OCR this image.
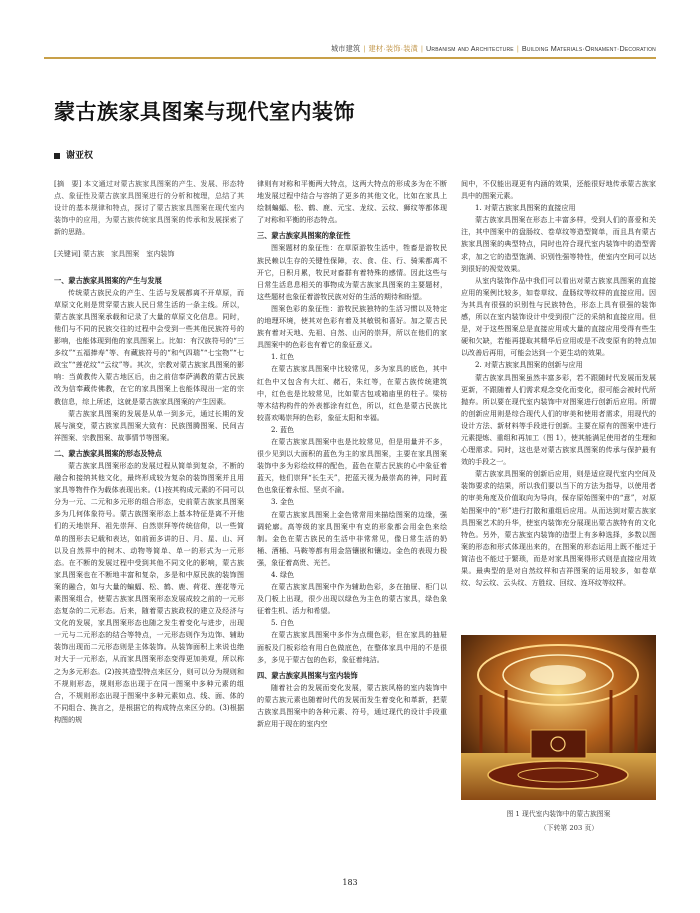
城市建筑 | 建材·装饰·装潢 | Urbanism and Architecture | Building Materials·Ornament·Decoration
蒙古族家具图案与现代室内装饰
谢亚权
[摘　要] 本文通过对蒙古族家具图案的产生、发展、形态特点、象征性及蒙古族家具图案进行的分析和梳理，总结了其设计的基本规律和特点，探讨了蒙古族家具图案在现代室内装饰中的应用，为蒙古族传统家具图案的传承和发展探索了新的思路。
[关键词] 蒙古族　家具图案　室内装饰
一、蒙古族家具图案的产生与发展

传统蒙古族民众的产生、生活与发展都离不开草原，而草原文化则是贯穿蒙古族人民日常生活的一条主线。所以，蒙古族家具图案承载和记录了大量的草原文化信息。同时，他们与不同的民族交往的过程中会受到一些其他民族符号的影响，也能体现到他的家具图案上。比如：有汉族符号的“三多纹”“五福捧寿”等、有藏族符号的“和气四瑞”“七宝物”“七政宝”“莲花纹”“云纹”等。其次，宗教对蒙古族家具图案的影响：当黄教传入蒙古地区后，由之前信奉萨满教的蒙古民族改为信奉藏传佛教，在它的家具图案上也能体现出一定的宗教信息，综上所述，这就是蒙古族家具图案的产生因素。

蒙古族家具图案的发展是从单一到多元，通过长期的发展与演变，蒙古族家具图案大致有：民族图腾图案、民间吉祥图案、宗教图案、故事情节等图案。

二、蒙古族家具图案的形态及特点

蒙古族家具图案形态的发展过程从简单到复杂，不断的融合和接纳其他文化，最终形成较为复杂的装饰图案并且用家具等物件作为载体表现出来。(1)按其构成元素的不同可以分为一元、二元和多元形的组合形态，史前蒙古族家具图案多为几何体象符号。蒙古族图案形态上基本特征是离不开他们的天地崇拜、祖先崇拜、自然崇拜等传统信仰，以一些简单的图形去记载和表达，如前面多讲的日、月、星、山、河以及自然界中的树木、动物等简单、单一的形式为一元形态。在不断的发展过程中受到其他不同文化的影响，蒙古族家具图案也在不断地丰富和复杂，多是和中原民族的装饰图案的融合，如与大量的蝙蝠、松、鹤、鹿、荷花、莲花等元素图案组合，使蒙古族家具图案形态发展成较之前的一元形态复杂的二元形态。后来，随着蒙古族政权的建立及经济与文化的发展，家具图案形态也随之发生着变化与进步，出现一元与二元形态的结合等特点，一元形态则作为边饰、辅助装饰出现而二元形态则是主体装饰。从装饰面积上来说也绝对大于一元形态，从而家具图案形态变得更加美观，所以称之为多元形态。(2)按其造型特点来区分，则可以分为规则和不规则形态，规则形态出现于在同一图案中多种元素的组合，不规则形态出现于图案中多种元素如点、线、面、体的不同组合、换言之，是根据它的构成特点来区分的。(3)根据构图的规

律则有对称和平衡两大特点，这两大特点的形成多为在不断地发展过程中结合与容纳了更多的其他文化，比如在家具上绘制蝙蝠、松、鹤、鹿、元宝、龙纹、云纹、狮纹等都体现了对称和平衡的形态特点。

三、蒙古族家具图案的象征性

图案题材的象征性：在草原游牧生活中，牲畜是游牧民族民赖以生存的关键性保障，衣、食、住、行、骑乘都离不开它，日积月累，牧民对畜群有着特殊的感情。因此这些与日常生活息息相关的事物成为蒙古族家具图案的主要题材，这些题材也象征着游牧民族对好的生活的期待和盼望。

图案色彩的象征性：游牧民族独特的生活习惯以及特定的地理环境，使其对色彩有着及其敏锐和喜好。加之蒙古民族有着对天地、先祖、自然、山河的崇拜，所以在他们的家具图案中的色彩也有着它的象征意义。

1. 红色

在蒙古族家具图案中比较常见，多为家具的底色，其中红色中又包含有大红、赭石，朱红等，在蒙古族传统建筑中，红色也是比较常见，比如蒙古包或箱庙里的柱子。梁枋等木结构构件的外表都涂有红色，所以，红色是蒙古民族比较喜欢喝崇拜的色彩，象征太阳和幸福。

2. 蓝色

在蒙古族家具图案中也是比较常见，但是用量并不多，很少见到以大面积的蓝色为主的家具图案，主要在家具图案装饰中多为彩绘纹样的配色，蓝色在蒙古民族的心中象征着蓝天，他们崇拜“长生天”，把蓝天视为最崇高的神，同时蓝色也象征着永恒、坚贞不渝。

3. 金色

在蒙古族家具图案上金色常常用来描绘图案的边缘，强调轮廓。高等级的家具图案中有克的形象都会用金色来绘制。金色在蒙古族民的生活中非常常见，像日常生活的奶桶、酒桶、马鞍等都有用金箔镶嵌和镶边。金色的表现力极强，象征着高贵、光芒。

4. 绿色

在蒙古族家具图案中作为辅助色彩，多在抽屉、柜门以及门板上出现，很少出现以绿色为主色的蒙古家具，绿色象征着生机、活力和希望。

5. 白色

在蒙古族家具图案中多作为点缀色彩，但在家具的抽屉面板及门板彩绘有用白色做底色，在整体家具中用的不是很多，多见于蒙古包的色彩，象征着纯洁。

四、蒙古族家具图案与室内装饰

随着社会的发展而变化发展，蒙古族风格的室内装饰中的蒙古族元素也随着时代的发展而发生着变化和革新，把蒙古族家具图案中的各种元素、符号，通过现代的设计手段重新应用于现在的室内空

间中，不仅能出现更有内涵的效果，还能很好地传承蒙古族家具中的图案元素。

1. 对蒙古族家具图案的直接应用

蒙古族家具图案在形态上丰富多样，受到人们的喜爱和关注，其中图案中的盘肠纹、卷草纹等造型简单，而且具有蒙古族家具图案的典型特点，同时也符合现代室内装饰中的造型需求，加之它的造型饱满、识别性强等特性，使室内空间可以达到很好的视觉效果。

从室内装饰作品中我们可以看出对蒙古族家具图案的直接应用的案例比较多，如卷草纹、盘肠纹等纹样的直接应用。因为其具有很强的识别性与民族特色，形态上具有很强的装饰感，所以在室内装饰设计中受到很广泛的采纳和直接应用。但是，对于这些图案总是直接应用或大量的直接应用受得有些生硬和欠缺，若能再提取其精华后应用或是不改变原有的特点加以改善后再用，可能会达到一个更生动的效果。

2. 对蒙古族家具图案的创新与应用

蒙古族家具图案虽然丰富多彩，若不跟随时代发展而发展更新，不跟随着人们需求观念变化而变化，很可能会被时代所抛弃。所以要在现代室内装饰中对图案进行创新后应用。所谓的创新应用则是综合现代人们的审美和使用者需求，用现代的设计方法、新材料等手段进行创新。主要在原有的图案中进行元素提炼、重组和再加工（图 1），使其能满足使用者的生理和心理需求。同时，这也是对蒙古族家具图案的传承与保护最有效的手段之一。

蒙古族家具图案的创新后应用，则是适应现代室内空间及装饰要求的结果，所以我们要以当下的方法为指导，以使用者的审美角度及价值取向为导向，保存原始图案中的“意”，对原始图案中的“形”进行打散和重组后应用。从而达到对蒙古族家具图案艺术的升华，使室内装饰充分展现出蒙古族特有的文化特色。另外，蒙古族室内装饰的造型上有多种选择，多数以图案的形态和形式体现出来的，在图案的形态运用上既不能过于简洁也不能过于繁琐，而是对家具图案得形式则是直接应用效果。最典型的是对自然纹样和吉祥图案的运用较多，如卷草纹、勾云纹、云头纹、方胜纹、回纹、连环纹等纹样。

图 1 现代室内装饰中的蒙古族图案
（下转第 203 页）
183
